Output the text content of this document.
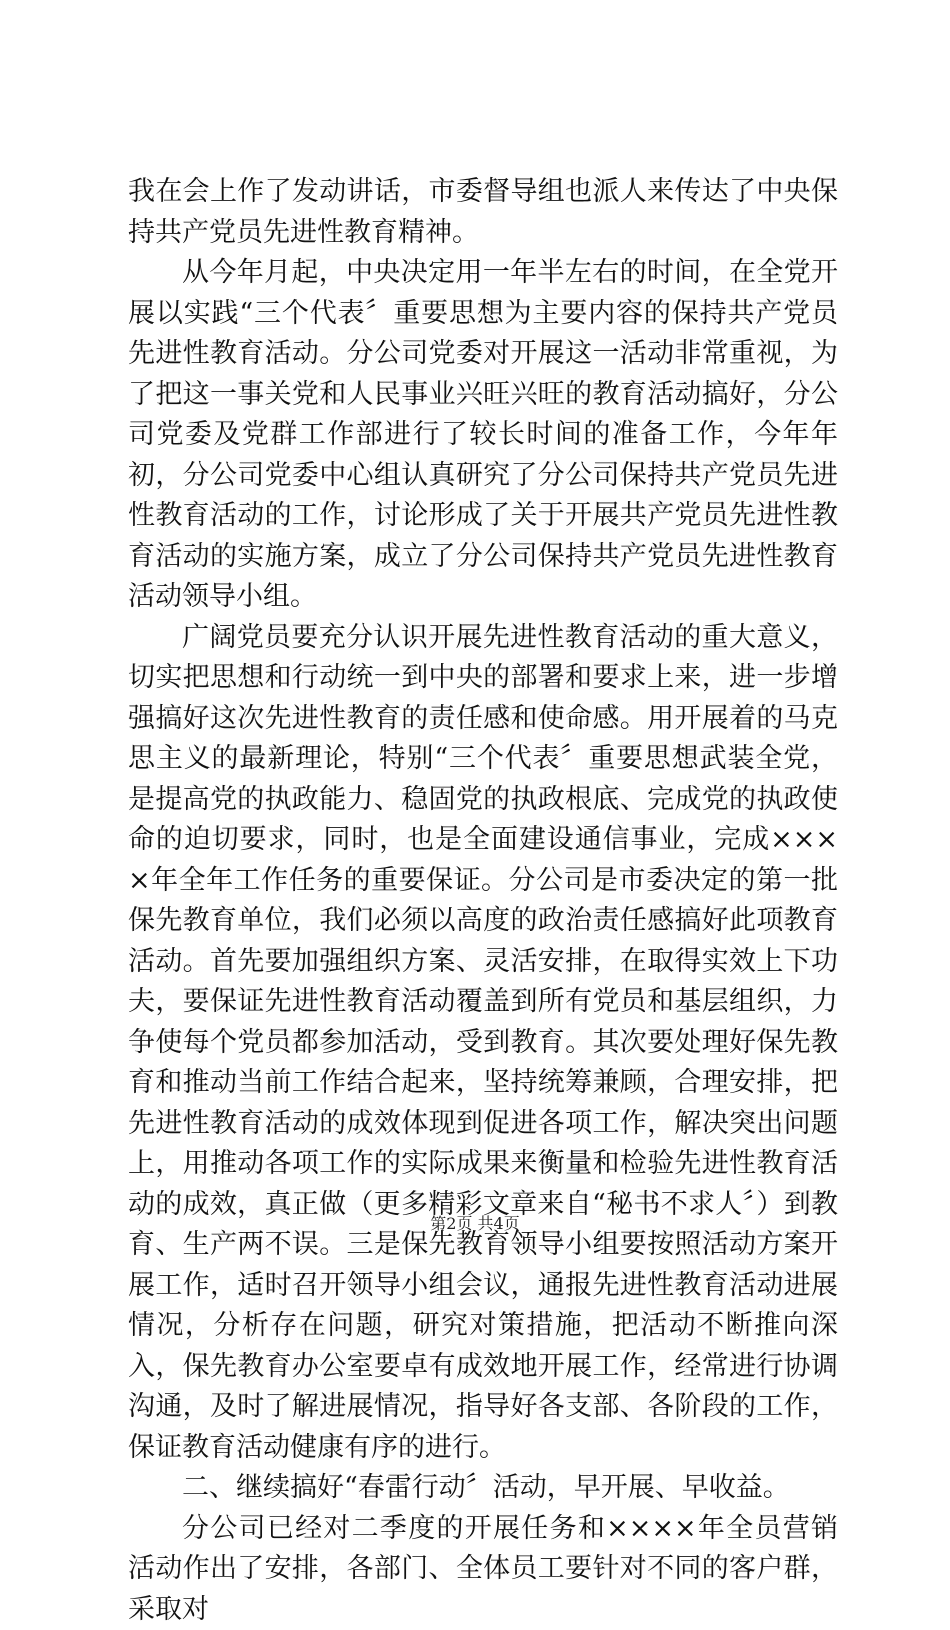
我在会上作了发动讲话，市委督导组也派人来传达了中央保持共产党员先进性教育精神。

从今年月起，中央决定用一年半左右的时间，在全党开展以实践“三个代表〞重要思想为主要内容的保持共产党员先进性教育活动。分公司党委对开展这一活动非常重视，为了把这一事关党和人民事业兴旺兴旺的教育活动搞好，分公司党委及党群工作部进行了较长时间的准备工作，今年年初，分公司党委中心组认真研究了分公司保持共产党员先进性教育活动的工作，讨论形成了关于开展共产党员先进性教育活动的实施方案，成立了分公司保持共产党员先进性教育活动领导小组。

广阔党员要充分认识开展先进性教育活动的重大意义，切实把思想和行动统一到中央的部署和要求上来，进一步增强搞好这次先进性教育的责任感和使命感。用开展着的马克思主义的最新理论，特别“三个代表〞重要思想武装全党，是提高党的执政能力、稳固党的执政根底、完成党的执政使命的迫切要求，同时，也是全面建设通信事业，完成××××年全年工作任务的重要保证。分公司是市委决定的第一批保先教育单位，我们必须以高度的政治责任感搞好此项教育活动。首先要加强组织方案、灵活安排，在取得实效上下功夫，要保证先进性教育活动覆盖到所有党员和基层组织，力争使每个党员都参加活动，受到教育。其次要处理好保先教育和推动当前工作结合起来，坚持统筹兼顾，合理安排，把先进性教育活动的成效体现到促进各项工作，解决突出问题上，用推动各项工作的实际成果来衡量和检验先进性教育活动的成效，真正做（更多精彩文章来自“秘书不求人〞）到教育、生产两不误。三是保先教育领导小组要按照活动方案开展工作，适时召开领导小组会议，通报先进性教育活动进展情况，分析存在问题，研究对策措施，把活动不断推向深入，保先教育办公室要卓有成效地开展工作，经常进行协调沟通，及时了解进展情况，指导好各支部、各阶段的工作，保证教育活动健康有序的进行。

二、继续搞好“春雷行动〞活动，早开展、早收益。

分公司已经对二季度的开展任务和××××年全员营销活动作出了安排，各部门、全体员工要针对不同的客户群，采取对

第2页 共4页
